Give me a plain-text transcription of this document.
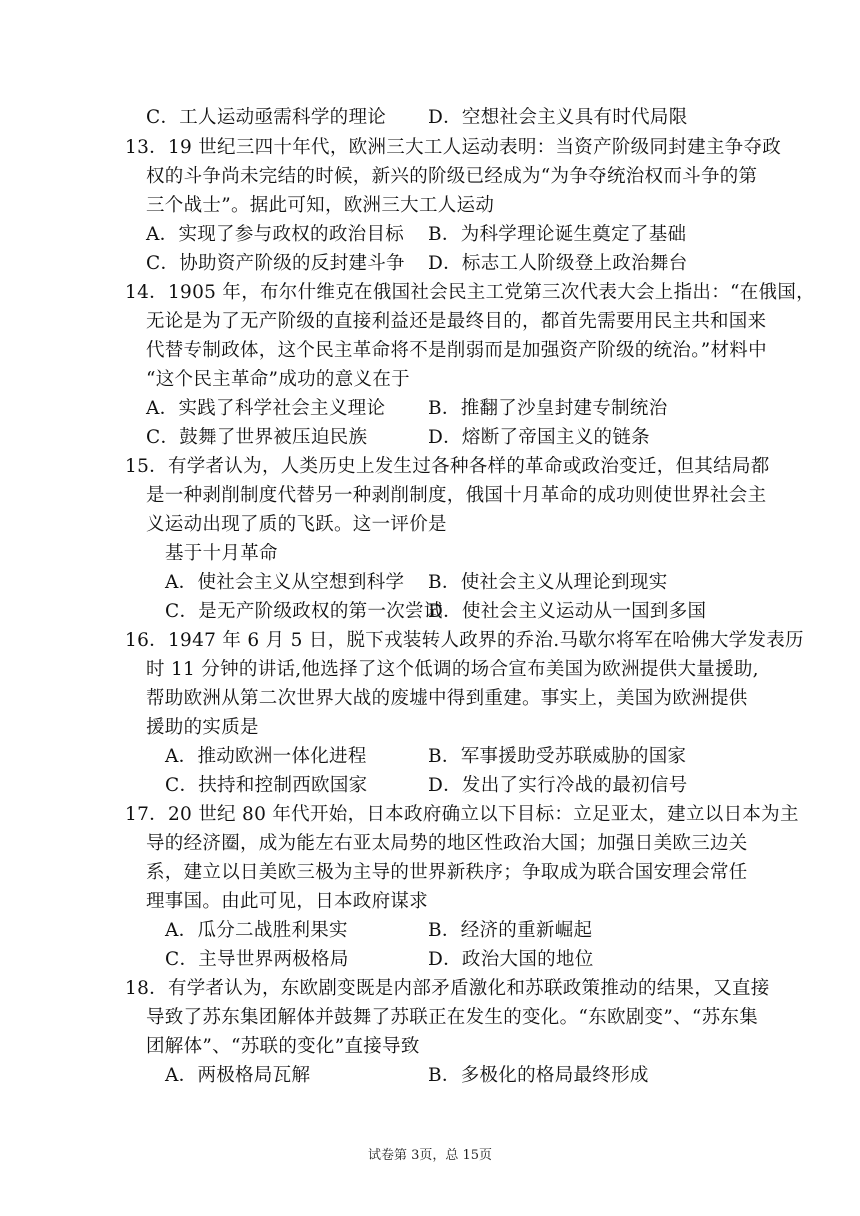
C．工人运动亟需科学的理论 D．空想社会主义具有时代局限
13．19 世纪三四十年代，欧洲三大工人运动表明：当资产阶级同封建主争夺政
权的斗争尚未完结的时候，新兴的阶级已经成为“为争夺统治权而斗争的第
三个战士”。据此可知，欧洲三大工人运动
A．实现了参与政权的政治目标 B．为科学理论诞生奠定了基础
C．协助资产阶级的反封建斗争 D．标志工人阶级登上政治舞台
14．1905 年，布尔什维克在俄国社会民主工党第三次代表大会上指出：“在俄国，
无论是为了无产阶级的直接利益还是最终目的，都首先需要用民主共和国来
代替专制政体，这个民主革命将不是削弱而是加强资产阶级的统治。”材料中
“这个民主革命”成功的意义在于
A．实践了科学社会主义理论 B．推翻了沙皇封建专制统治
C．鼓舞了世界被压迫民族	D．熔断了帝国主义的链条
15．有学者认为，人类历史上发生过各种各样的革命或政治变迁，但其结局都
是一种剥削制度代替另一种剥削制度，俄国十月革命的成功则使世界社会主
义运动出现了质的飞跃。这一评价是
基于十月革命
A．使社会主义从空想到科学 B．使社会主义从理论到现实
C．是无产阶级政权的第一次尝试
D．使社会主义运动从一国到多国
16．1947 年 6 月 5 日，脱下戎装转人政界的乔治.马歇尔将军在哈佛大学发表历
时 11 分钟的讲话,他选择了这个低调的场合宣布美国为欧洲提供大量援助,
帮助欧洲从第二次世界大战的废墟中得到重建。事实上，美国为欧洲提供
援助的实质是
A．推动欧洲一体化进程	B．军事援助受苏联威胁的国家
C．扶持和控制西欧国家	D．发出了实行冷战的最初信号
17．20 世纪 80 年代开始，日本政府确立以下目标：立足亚太，建立以日本为主
导的经济圈，成为能左右亚太局势的地区性政治大国；加强日美欧三边关
系，建立以日美欧三极为主导的世界新秩序；争取成为联合国安理会常任
理事国。由此可见，日本政府谋求
A．瓜分二战胜利果实	B．经济的重新崛起
C．主导世界两极格局	D．政治大国的地位
18．有学者认为，东欧剧变既是内部矛盾激化和苏联政策推动的结果，又直接
导致了苏东集团解体并鼓舞了苏联正在发生的变化。“东欧剧变”、“苏东集
团解体”、“苏联的变化”直接导致
A．两极格局瓦解	B．多极化的格局最终形成
试卷第 3页，总 15页
